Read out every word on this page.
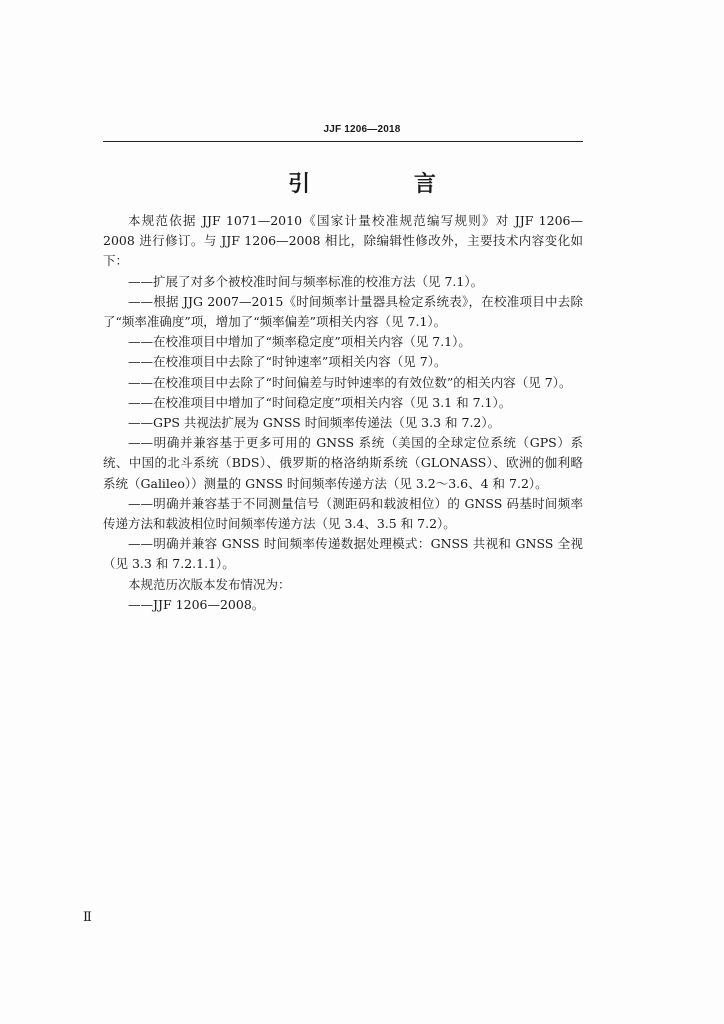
JJF 1206—2018
引 言

本规范依据 JJF 1071—2010《国家计量校准规范编写规则》对 JJF 1206—2008 进行修订。与 JJF 1206—2008 相比，除编辑性修改外，主要技术内容变化如下：

——扩展了对多个被校准时间与频率标准的校准方法（见 7.1）。

——根据 JJG 2007—2015《时间频率计量器具检定系统表》，在校准项目中去除了“频率准确度”项，增加了“频率偏差”项相关内容（见 7.1）。

——在校准项目中增加了“频率稳定度”项相关内容（见 7.1）。

——在校准项目中去除了“时钟速率”项相关内容（见 7）。

——在校准项目中去除了“时间偏差与时钟速率的有效位数”的相关内容（见 7）。

——在校准项目中增加了“时间稳定度”项相关内容（见 3.1 和 7.1）。

——GPS 共视法扩展为 GNSS 时间频率传递法（见 3.3 和 7.2）。

——明确并兼容基于更多可用的 GNSS 系统（美国的全球定位系统（GPS）系统、中国的北斗系统（BDS）、俄罗斯的格洛纳斯系统（GLONASS）、欧洲的伽利略系统（Galileo））测量的 GNSS 时间频率传递方法（见 3.2～3.6、4 和 7.2）。

——明确并兼容基于不同测量信号（测距码和载波相位）的 GNSS 码基时间频率传递方法和载波相位时间频率传递方法（见 3.4、3.5 和 7.2）。

——明确并兼容 GNSS 时间频率传递数据处理模式：GNSS 共视和 GNSS 全视（见 3.3 和 7.2.1.1）。

本规范历次版本发布情况为：

——JJF 1206—2008。

Ⅱ
